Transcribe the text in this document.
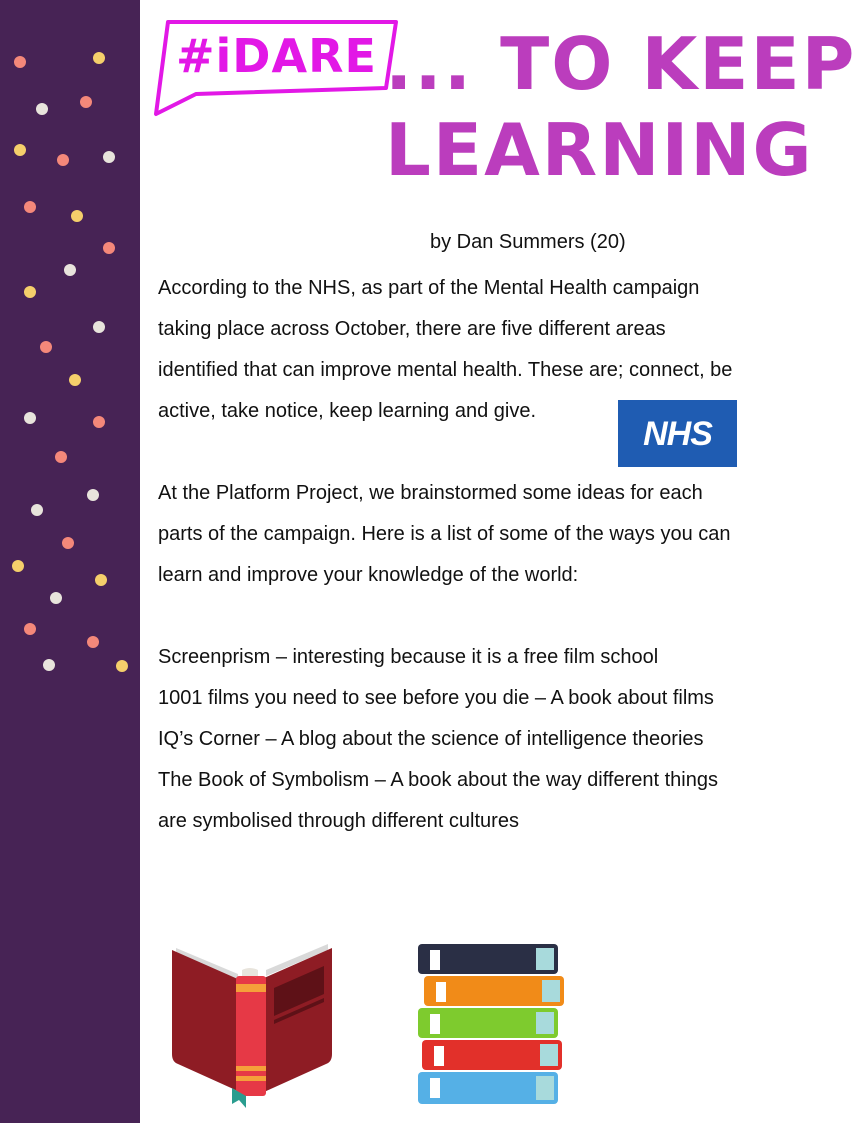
#iDARE ... TO KEEP
LEARNING
by Dan Summers (20)

According to the NHS, as part of the Mental Health campaign taking place across October, there are five different areas identified that can improve mental health. These are; connect, be active, take notice, keep learning and give.

NHS

At the Platform Project, we brainstormed some ideas for each parts of the campaign. Here is a list of some of the ways you can learn and improve your knowledge of the world:

Screenprism – interesting because it is a free film school
1001 films you need to see before you die – A book about films
IQ’s Corner – A blog about the science of intelligence theories
The Book of Symbolism – A book about the way different things are symbolised through different cultures
